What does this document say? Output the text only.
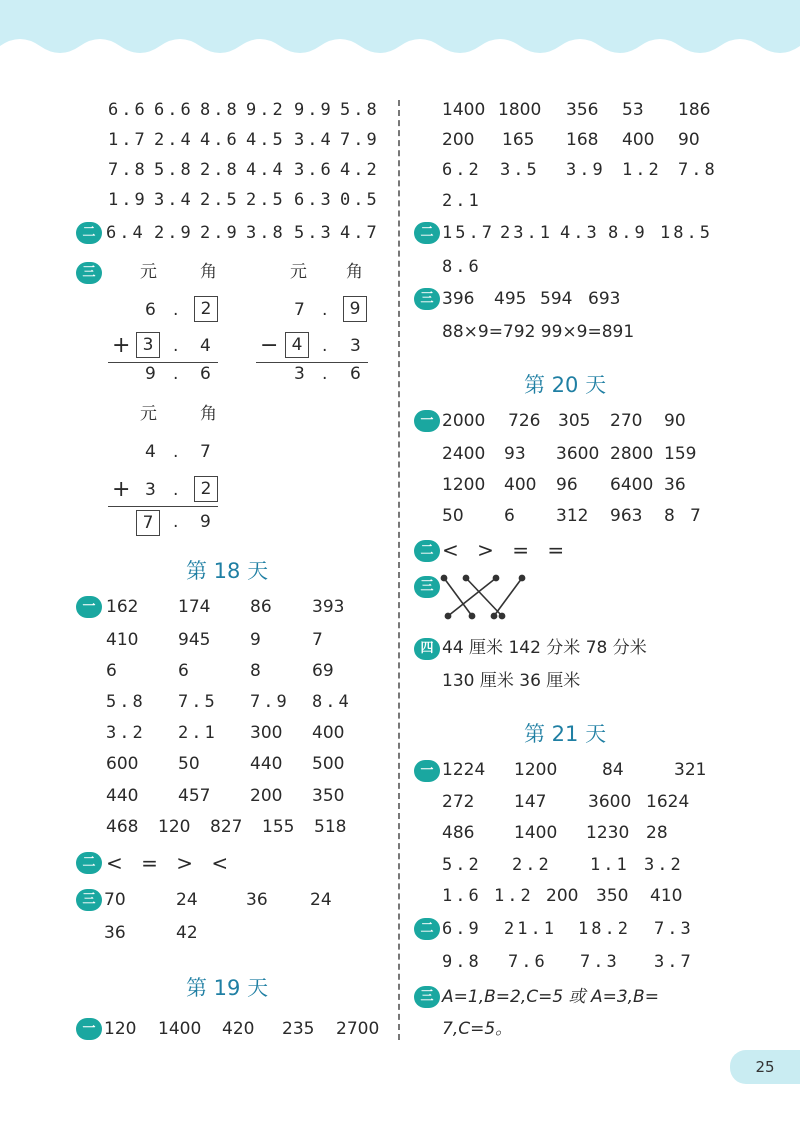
6.6 6.6 8.8 9.2 9.9 5.8
1.7 2.4 4.6 4.5 3.4 7.9
7.8 5.8 2.8 4.4 3.6 4.2
1.9 3.4 2.5 2.5 6.3 0.5
二 6.4 2.9 2.9 3.8 5.3 4.7
三	元	角
6 .	2
+ 3	. 4
9 . 6
元 角
7 .	9
− 4	. 3
3 . 6
元	角
4 . 7
+ 3 .	2
7	. 9
第 18 天
一 162 174 86 393
410 945 9	7
6	6	8	69
5.8 7.5 7.9 8.4
3.2 2.1 300 400
600 50	440 500
440 457 200 350
468 120 827 155 518
二 < = > <
三 70	24	36 24
36	42
第 19 天
一 120 1400 420 235 2700
1400 1800 356 53 186
200 165 168 400 90
6.2 3.5 3.9 1.2 7.8
2.1
二 15.7 23.1 4.3 8.9 18.5
8.6
三 396 495 594 693
88×9=792 99×9=891
第 20 天
一 2000 726 305 270 90
2400 93 3600 2800 159
1200 400 96 6400 36
50 6 312 963 8 7
二 < > = =
三
四 44 厘米 142 分米 78 分米
130 厘米 36 厘米
第 21 天
一 1224 1200	84	321
272 147 3600 1624
486 1400 1230 28
5.2 2.2 1.1 3.2
1.6 1.2 200 350 410
二 6.9 21.1 18.2 7.3
9.8 7.6 7.3 3.7
三 A=1,B=2,C=5 或 A=3,B=
7,C=5。
25
